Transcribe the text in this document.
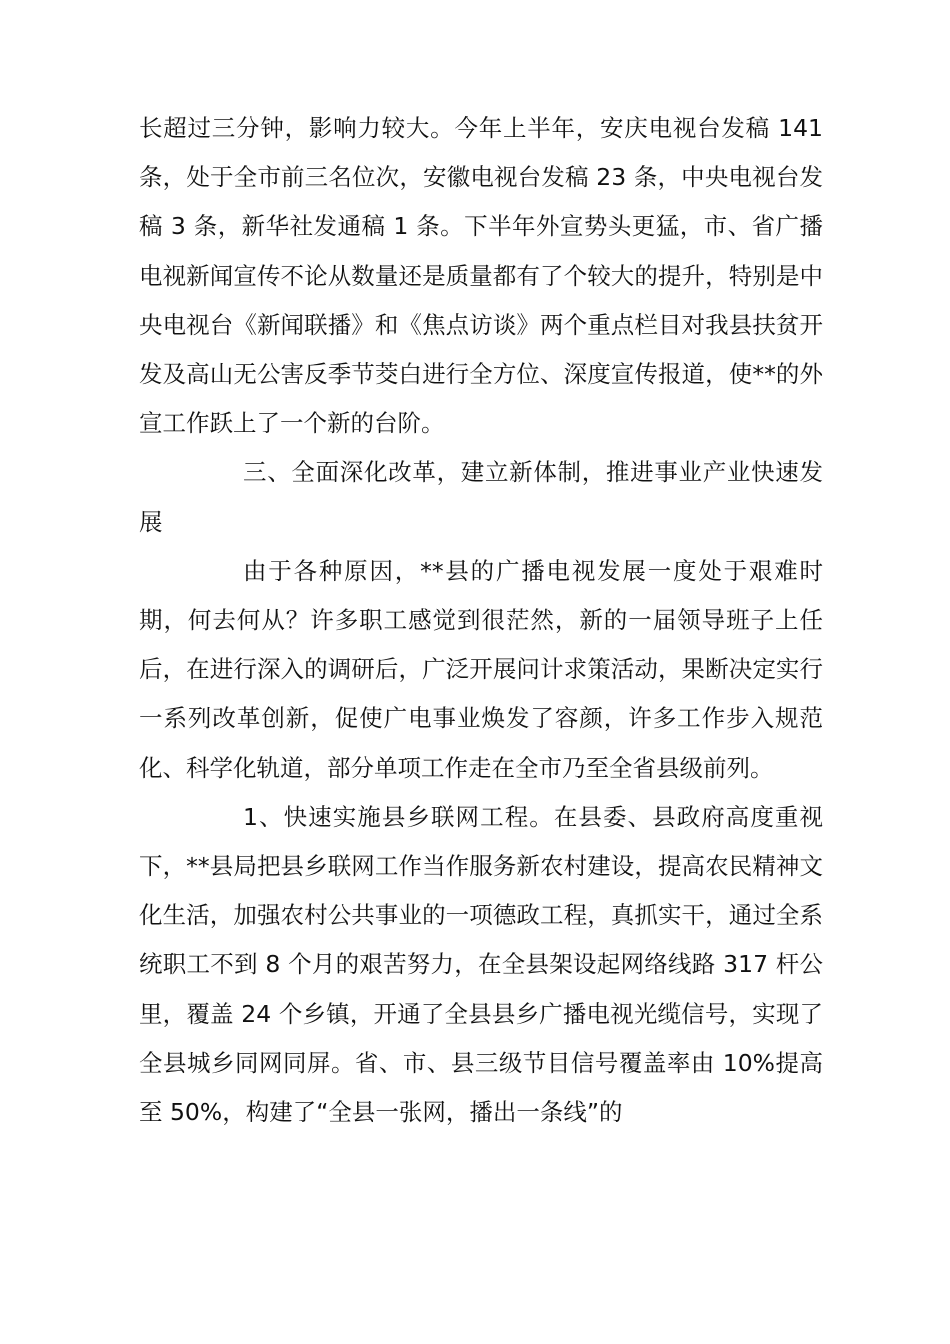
长超过三分钟，影响力较大。今年上半年，安庆电视台发稿 141 条，处于全市前三名位次，安徽电视台发稿 23 条，中央电视台发稿 3 条，新华社发通稿 1 条。下半年外宣势头更猛，市、省广播电视新闻宣传不论从数量还是质量都有了个较大的提升，特别是中央电视台《新闻联播》和《焦点访谈》两个重点栏目对我县扶贫开发及高山无公害反季节茭白进行全方位、深度宣传报道，使**的外宣工作跃上了一个新的台阶。

三、全面深化改革，建立新体制，推进事业产业快速发展

由于各种原因，**县的广播电视发展一度处于艰难时期，何去何从？许多职工感觉到很茫然，新的一届领导班子上任后，在进行深入的调研后，广泛开展问计求策活动，果断决定实行一系列改革创新，促使广电事业焕发了容颜，许多工作步入规范化、科学化轨道，部分单项工作走在全市乃至全省县级前列。

1、快速实施县乡联网工程。在县委、县政府高度重视下，**县局把县乡联网工作当作服务新农村建设，提高农民精神文化生活，加强农村公共事业的一项德政工程，真抓实干，通过全系统职工不到 8 个月的艰苦努力，在全县架设起网络线路 317 杆公里，覆盖 24 个乡镇，开通了全县县乡广播电视光缆信号，实现了全县城乡同网同屏。省、市、县三级节目信号覆盖率由 10%提高至 50%，构建了“全县一张网，播出一条线”的
